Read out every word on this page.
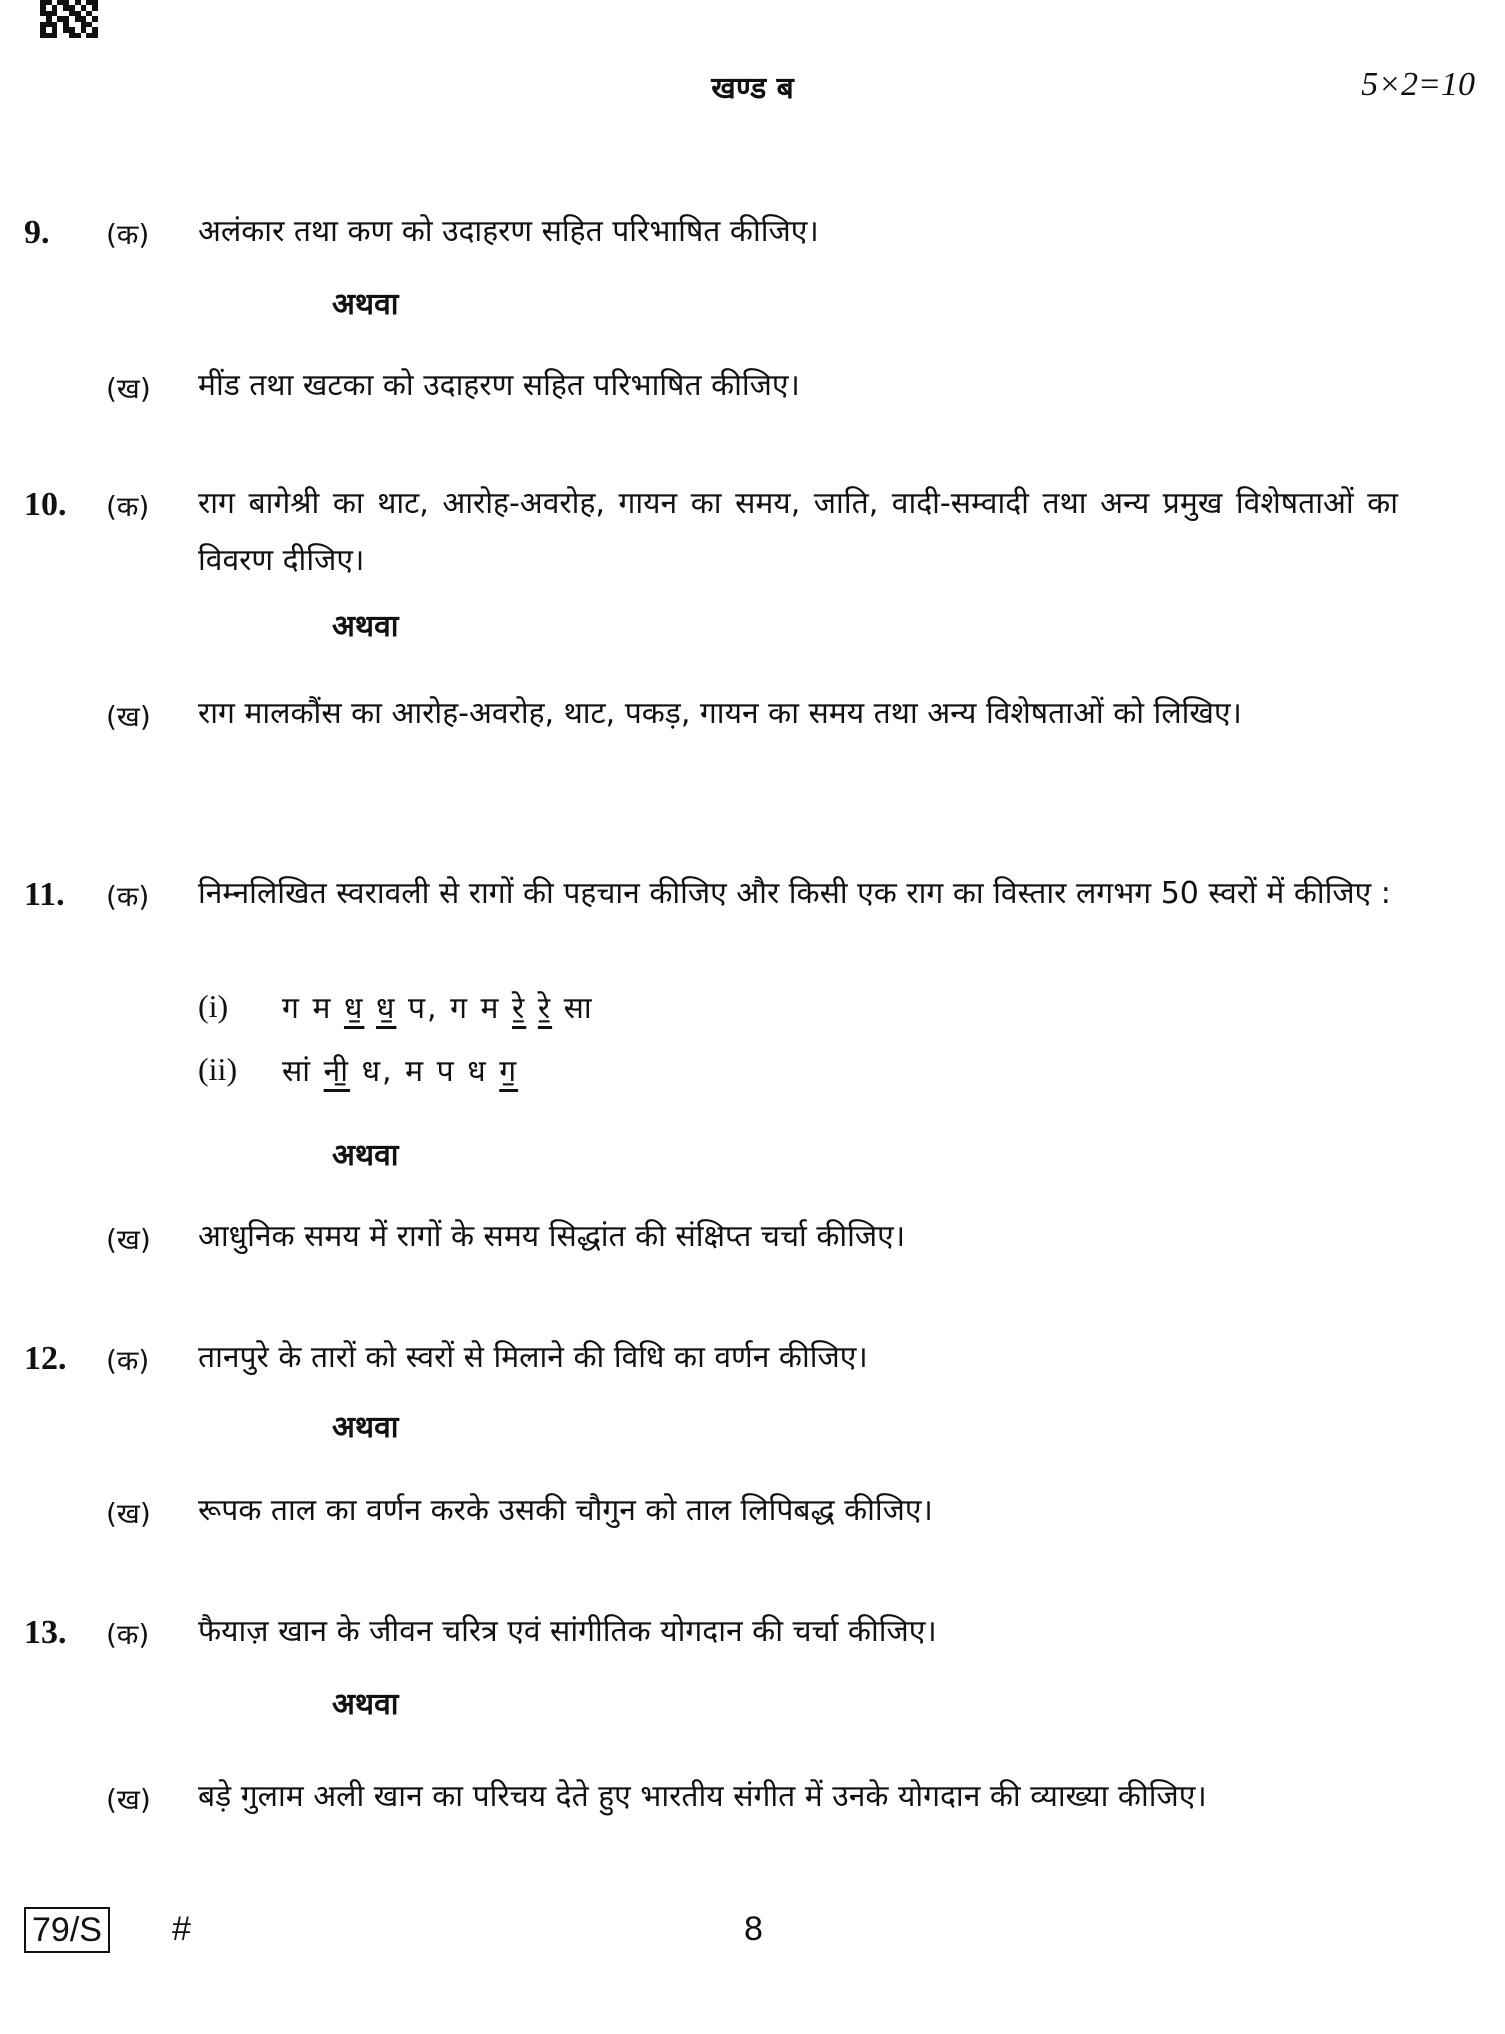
खण्ड ब	5×2=10
9. (क) अलंकार तथा कण को उदाहरण सहित परिभाषित कीजिए।
अथवा
(ख) मींड तथा खटका को उदाहरण सहित परिभाषित कीजिए।
10. (क) राग बागेश्री का थाट, आरोह-अवरोह, गायन का समय, जाति, वादी-सम्वादी तथा अन्य प्रमुख विशेषताओं का विवरण दीजिए।
अथवा
(ख) राग मालकौंस का आरोह-अवरोह, थाट, पकड़, गायन का समय तथा अन्य विशेषताओं को लिखिए।
11. (क) निम्नलिखित स्वरावली से रागों की पहचान कीजिए और किसी एक राग का विस्तार लगभग 50 स्वरों में कीजिए :
(i) ग म ध॒ ध॒ प, ग म रे॒ रे॒ सा
(ii) सां नी॒ ध, म प ध ग॒
अथवा
(ख) आधुनिक समय में रागों के समय सिद्धांत की संक्षिप्त चर्चा कीजिए।
12. (क) तानपुरे के तारों को स्वरों से मिलाने की विधि का वर्णन कीजिए।
अथवा
(ख) रूपक ताल का वर्णन करके उसकी चौगुन को ताल लिपिबद्ध कीजिए।
13. (क) फैयाज़ खान के जीवन चरित्र एवं सांगीतिक योगदान की चर्चा कीजिए।
अथवा
(ख) बड़े गुलाम अली खान का परिचय देते हुए भारतीय संगीत में उनके योगदान की व्याख्या कीजिए।
79/S #	8
